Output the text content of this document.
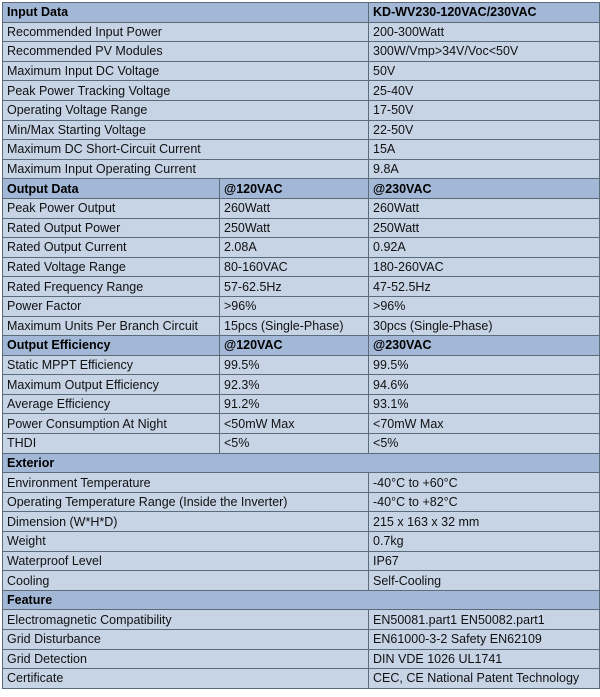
Input Data		KD-WV230-120VAC/230VAC
Recommended Input Power		200-300Watt
Recommended PV Modules		300W/Vmp>34V/Voc<50V
Maximum Input DC Voltage		50V
Peak Power Tracking Voltage		25-40V
Operating Voltage Range		17-50V
Min/Max Starting Voltage		22-50V
Maximum DC Short-Circuit Current		15A
Maximum Input Operating Current		9.8A
Output Data	@120VAC	@230VAC
Peak Power Output	260Watt	260Watt
Rated Output Power	250Watt	250Watt
Rated Output Current	2.08A	0.92A
Rated Voltage Range	80-160VAC	180-260VAC
Rated Frequency Range	57-62.5Hz	47-52.5Hz
Power Factor	>96%	>96%
Maximum Units Per Branch Circuit	15pcs (Single-Phase)	30pcs (Single-Phase)
Output Efficiency	@120VAC	@230VAC
Static MPPT Efficiency	99.5%	99.5%
Maximum Output Efficiency	92.3%	94.6%
Average Efficiency	91.2%	93.1%
Power Consumption At Night	<50mW Max	<70mW Max
THDI	<5%	<5%
Exterior		
Environment Temperature		-40°C to +60°C
Operating Temperature Range (Inside the Inverter)		-40°C to +82°C
Dimension (W*H*D)		215 x 163 x 32 mm
Weight		0.7kg
Waterproof Level		IP67
Cooling		Self-Cooling
Feature		
Electromagnetic Compatibility		EN50081.part1 EN50082.part1
Grid Disturbance		EN61000-3-2 Safety EN62109
Grid Detection		DIN VDE 1026 UL1741
Certificate		CEC, CE National Patent Technology
